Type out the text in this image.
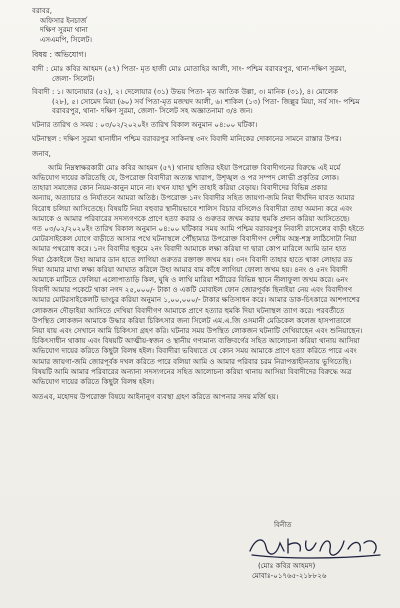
বরাবর,
অফিসার ইনচার্জ
দক্ষিণ সুরমা থানা
এসএমপি, সিলেট।
বিষয় : অভিযোগ।
বাদী : মোঃ কবির আহমদ (৫৭) পিতা- মৃত হাজী মোঃ মোতাহির আলী, সাং- পশ্চিম বরাবরপুর, থানা-দক্ষিণ সুরমা,
জেলা- সিলেট।
বিবাদী : ১। আনোয়ার (৫২), ২। দেলোয়ার (৩১) উভয় পিতা- মৃত আতিক উল্লা, ৩। মানিক (৩১), ৪। মোলেক
(২৮), ৫। সোমেদ মিয়া (৬০) সর্ব পিতা-মৃত মজম্মদ আলী, ৬। শাকিল (১৩) পিতা- জিল্লুর মিয়া, সর্ব সাং- পশ্চিম
বরাবরপুর, থানা- দক্ষিণ সুরমা, জেলা- সিলেট সহ অজ্ঞাতনামা ৩/৪ জন।
ঘটনার তারিখ ও সময় : ০৩/০২/২০২০ইং তারিখ বিকাল অনুমান ০৪:০০ ঘটিকা।
ঘটনাস্থল : দক্ষিণ সুরমা থানাধীন পশ্চিম বরাবরপুর সাকিনস্থ ৩নং বিবাদী মানিকের দোকানের সামনে রাস্তার উপর।
জনাব,
আমি নিম্নস্বাক্ষরকারী মোঃ কবির আহমদ (৫৭) থানায় হাজির হইয়া উপরোক্ত বিবাদীগনের বিরুদ্ধে এই মর্মে
অভিযোগ দায়ের করিতেছি যে, উপরোক্ত বিবাদীরা অত্যন্ত খারাপ, উশৃঙ্খল ও পর সম্পদ লোভী প্রকৃতির লোক।
তাহারা সমাজের কোন নিয়ম-কানুন মানে না। যখন যাহা খুশি তাহাই করিয়া বেড়ায়। বিবাদীদের বিভিন্ন প্রকার
অন্যায়, অত্যাচার ও নির্যাতনে আমরা অতিষ্ঠ। উপরোক্ত ১নং বিবাদীর সহিত জায়গা-জমি নিয়া দীর্ঘদিন যাবত আমার
বিরোধ চলিয়া আসিতেছে। বিষয়টি নিয়া বহুবার স্থানীয়ভাবে শালিস বিচার বসিলেও বিবাদীরা তাহা অমান্য করে এবং
আমাকে ও আমার পরিবারের সদস্যগণকে প্রাণে হত্যা করার ও গুরুতর জখম করার হুমকি প্রদান করিয়া আসিতেছে।
গত ০৩/০২/২০২০ইং তারিখ বিকাল অনুমান ০৪:০০ ঘটিকার সময় আমি পশ্চিম বরাবরপুর নিবাসী রাসেলের বাড়ী হইতে
মোটরসাইকেল যোগে বাড়ীতে আসার পথে ঘটনাস্থলে পৌঁছামাত্র উপরোক্ত বিবাদীগণ দেশীয় অস্ত্র-শস্ত্র লাঠিসোটা নিয়া
আমার পথরোধ করে। ১নং বিবাদীর হুকুমে ২নং বিবাদী আমাকে লক্ষ্য করিয়া দা দ্বারা কোপ মারিলে আমি ডান হাত
দিয়া ঠেকাইলে উহা আমার ডান হাতে লাগিয়া গুরুতর রক্তাক্ত জখম হয়। ৩নং বিবাদী তাহার হাতে থাকা লোহার রড
দিয়া আমার মাথা লক্ষ্য করিয়া আঘাত করিলে উহা আমার বাম কাঁধে লাগিয়া ফোলা জখম হয়। ৪নং ও ৫নং বিবাদী
আমাকে মাটিতে ফেলিয়া এলোপাতাড়ি কিল, ঘুষি ও লাথি মারিয়া শরীরের বিভিন্ন স্থানে নীলাফুলা জখম করে। ৬নং
বিবাদী আমার পকেটে থাকা নগদ ২৫,০০০/- টাকা ও একটি মোবাইল ফোন জোরপূর্বক ছিনাইয়া নেয় এবং বিবাদীগণ
আমার মোটরসাইকেলটি ভাংচুর করিয়া অনুমান ১,০০,০০০/- টাকার ক্ষতিসাধন করে। আমার ডাক-চিৎকারে আশপাশের
লোকজন দৌড়াইয়া আসিতে দেখিয়া বিবাদীগণ আমাকে প্রাণে হত্যার হুমকি দিয়া ঘটনাস্থল ত্যাগ করে। পরবর্তীতে
উপস্থিত লোকজন আমাকে উদ্ধার করিয়া চিকিৎসার জন্য সিলেট এম.এ.জি ওসমানী মেডিকেল কলেজ হাসপাতালে
নিয়া যায় এবং সেখানে আমি চিকিৎসা গ্রহণ করি। ঘটনার সময় উপস্থিত লোকজন ঘটনাটি দেখিয়াছেন এবং শুনিয়াছেন।
চিকিৎসাধীন থাকায় এবং বিষয়টি আত্মীয়-স্বজন ও স্থানীয় গণ্যমান্য ব্যক্তিবর্গের সহিত আলোচনা করিয়া থানায় আসিয়া
অভিযোগ দায়ের করিতে কিছুটা বিলম্ব হইল। বিবাদীরা ভবিষ্যতে যে কোন সময় আমাকে প্রাণে হত্যা করিতে পারে এবং
আমার জায়গা-জমি জোরপূর্বক দখল করিতে পারে বলিয়া আমি ও আমার পরিবার চরম নিরাপত্তাহীনতায় ভুগিতেছি।
বিষয়টি আমি আমার পরিবারের অন্যান্য সদস্যগনের সহিত আলোচনা করিয়া থানায় আসিয়া বিবাদীদের বিরুদ্ধে অত্র
অভিযোগ দায়ের করিতে কিছুটা বিলম্ব হইল।
অতএব, মহোদয় উপরোক্ত বিষয়ে আইনানুগ ব্যবস্থা গ্রহণ করিতে আপনার সদয় মর্জি হয়।
বিনীত
(মোঃ কবির আহমদ)
মোবাঃ-০১৭৬৫-২১৮৮২৬
